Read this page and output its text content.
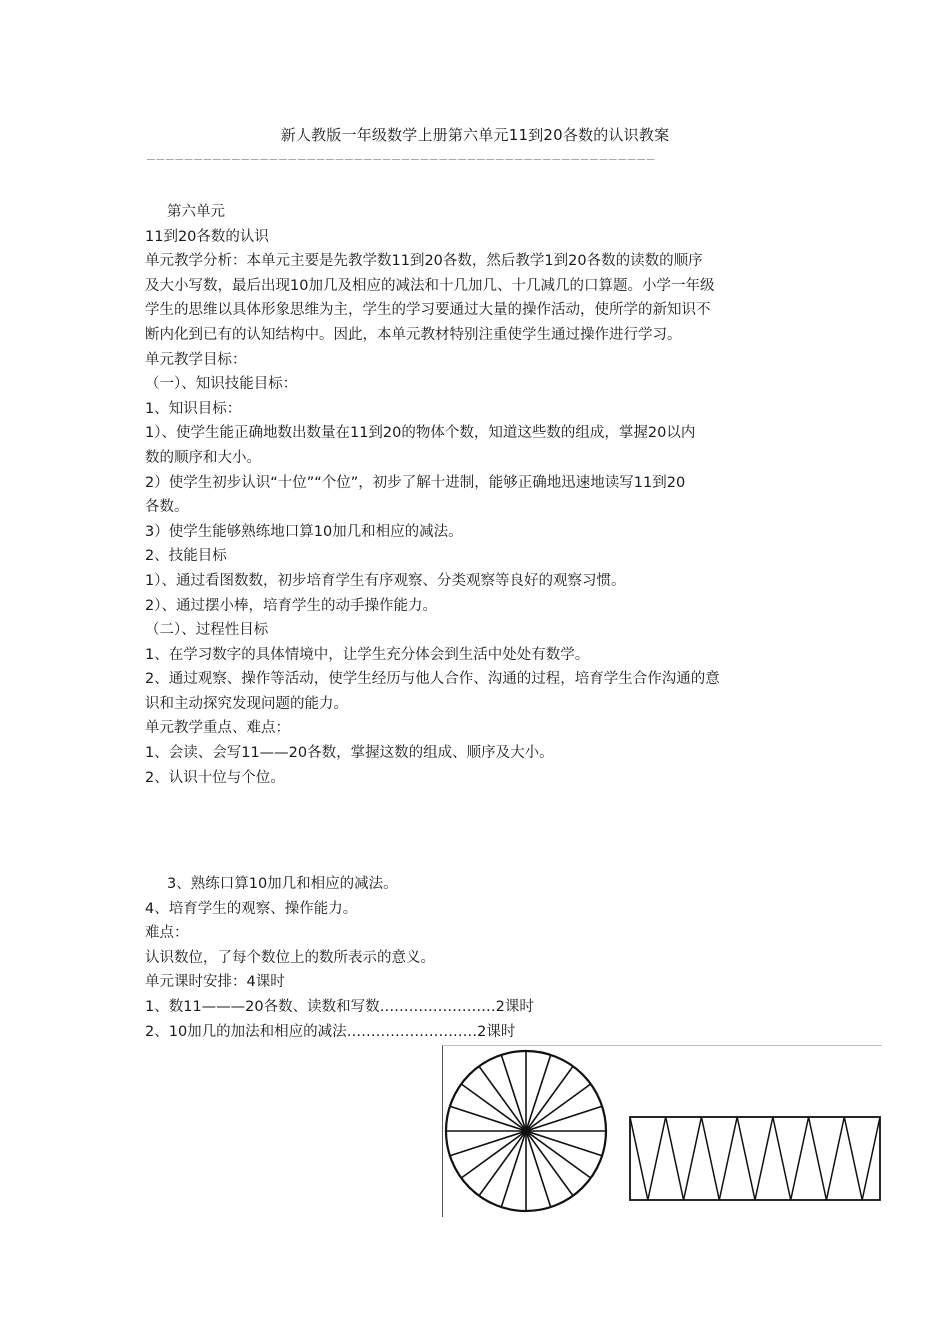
新人教版一年级数学上册第六单元11到20各数的认识教案
——————————————————————————————————————————————————————

第六单元

11到20各数的认识

单元教学分析：本单元主要是先教学数11到20各数，然后教学1到20各数的读数的顺序

及大小写数，最后出现10加几及相应的减法和十几加几、十几减几的口算题。小学一年级

学生的思维以具体形象思维为主，学生的学习要通过大量的操作活动，使所学的新知识不

断内化到已有的认知结构中。因此，本单元教材特别注重使学生通过操作进行学习。

单元教学目标：

（一）、知识技能目标：

1、知识目标：

1）、使学生能正确地数出数量在11到20的物体个数，知道这些数的组成，掌握20以内

数的顺序和大小。

2）使学生初步认识“十位”“个位”，初步了解十进制，能够正确地迅速地读写11到20

各数。

3）使学生能够熟练地口算10加几和相应的减法。

2、技能目标

1）、通过看图数数，初步培育学生有序观察、分类观察等良好的观察习惯。

2）、通过摆小棒，培育学生的动手操作能力。

（二）、过程性目标

1、在学习数字的具体情境中，让学生充分体会到生活中处处有数学。

2、通过观察、操作等活动，使学生经历与他人合作、沟通的过程，培育学生合作沟通的意

识和主动探究发现问题的能力。

单元教学重点、难点：

1、会读、会写11——20各数，掌握这数的组成、顺序及大小。

2、认识十位与个位。

3、熟练口算10加几和相应的减法。

4、培育学生的观察、操作能力。

难点：

认识数位，了每个数位上的数所表示的意义。

单元课时安排：4课时

1、数11———20各数、读数和写数……………………2课时

2、10加几的加法和相应的减法………………………2课时
